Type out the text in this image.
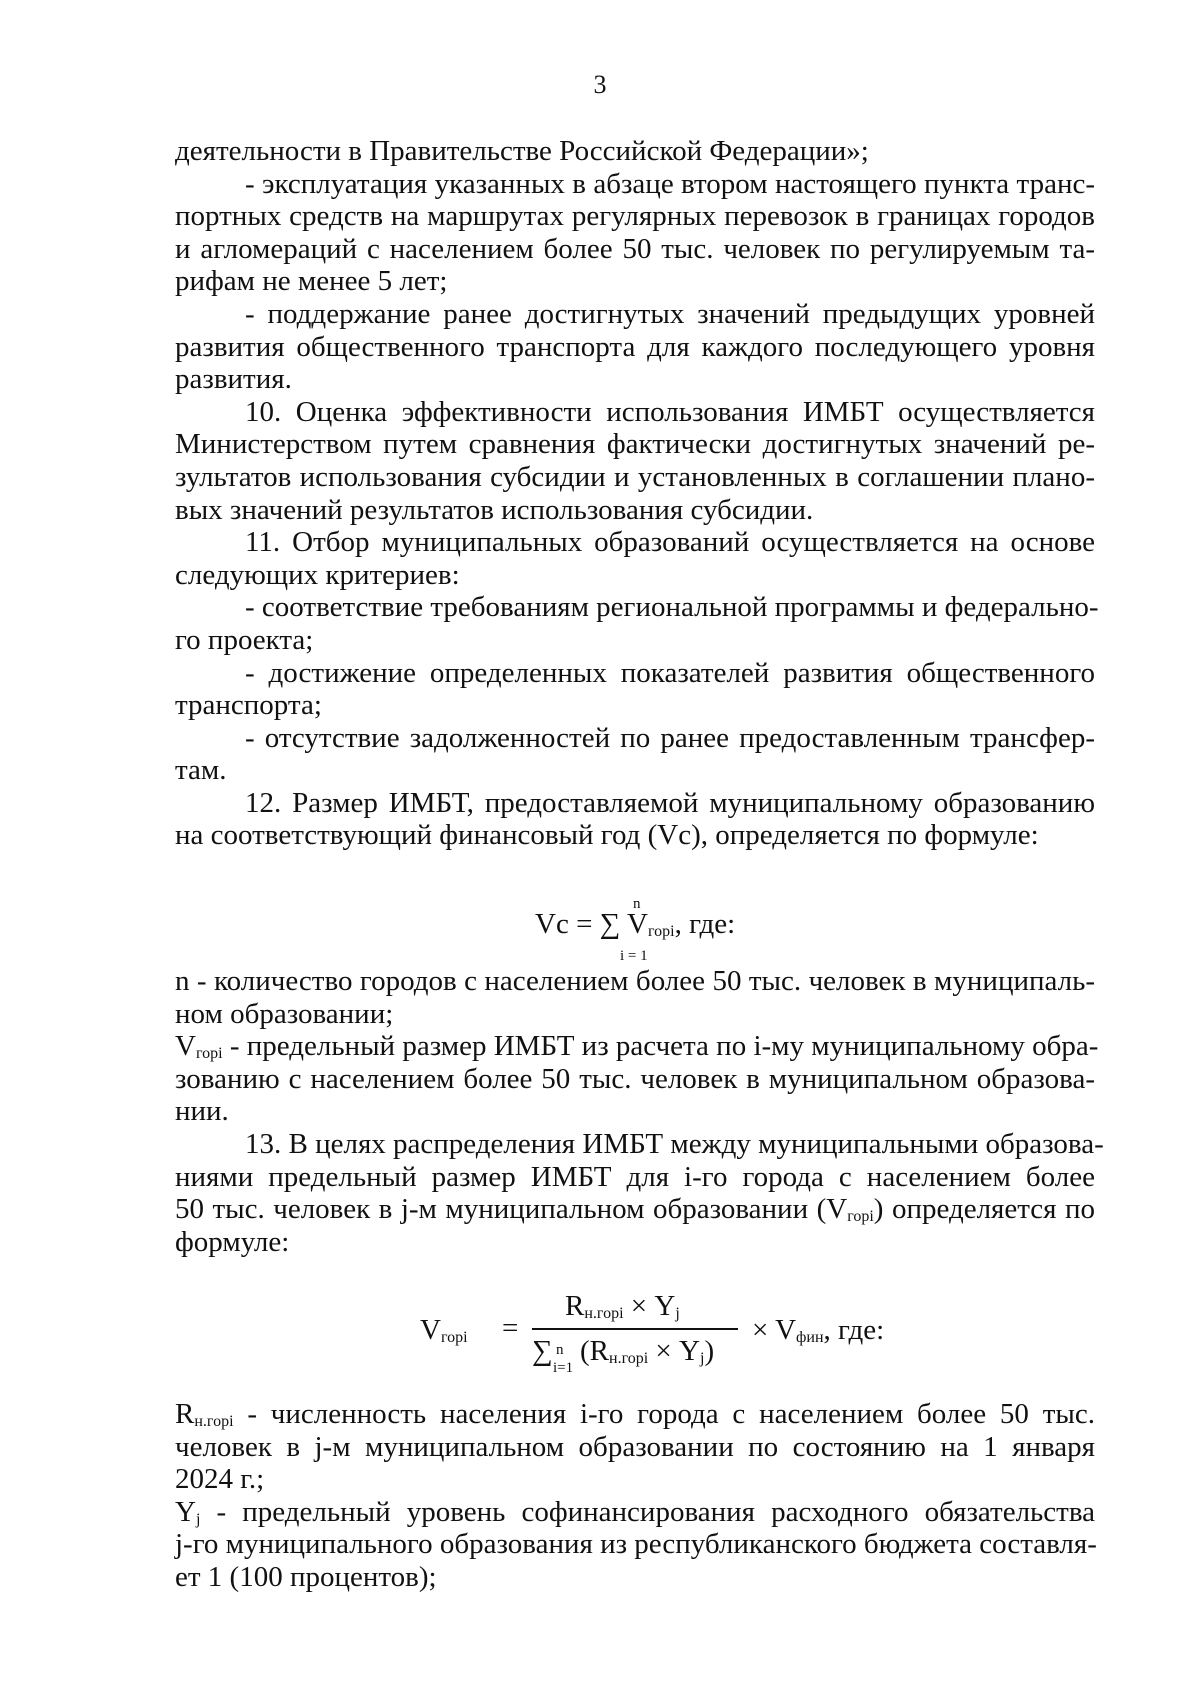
3
деятельности в Правительстве Российской Федерации»;
- эксплуатация указанных в абзаце втором настоящего пункта транс-
портных средств на маршрутах регулярных перевозок в границах городов
и агломераций с населением более 50 тыс. человек по регулируемым та-
рифам не менее 5 лет;
- поддержание ранее достигнутых значений предыдущих уровней
развития общественного транспорта для каждого последующего уровня
развития.
10. Оценка эффективности использования ИМБТ осуществляется
Министерством путем сравнения фактически достигнутых значений ре-
зультатов использования субсидии и установленных в соглашении плано-
вых значений результатов использования субсидии.
11. Отбор муниципальных образований осуществляется на основе
следующих критериев:
- соответствие требованиям региональной программы и федерально-
го проекта;
- достижение определенных показателей развития общественного
транспорта;
- отсутствие задолженностей по ранее предоставленным трансфер-
там.
12. Размер ИМБТ, предоставляемой муниципальному образованию
на соответствующий финансовый год (Vс), определяется по формуле:
Vс = ∑
n
i = 1
$V_{горі}$, где:
n - количество городов с населением более 50 тыс. человек в муниципаль-
ном образовании;
$V_{горі}$ - предельный размер ИМБТ из расчета по i-му муниципальному обра-
зованию с населением более 50 тыс. человек в муниципальном образова-
нии.
13. В целях распределения ИМБТ между муниципальными образова-
ниями предельный размер ИМБТ для i-го города с населением более
50 тыс. человек в j-м муниципальном образовании $(V_{горі})$ определяется по
формуле:
$V_{горі}$ =
$R_{н.горі} \times Y_j$
∑ n
i=1
$(R_{н.горі} \times Y_j)$
× $V_{фин}$, где:
$R_{н.горі}$ - численность населения i-го города с населением более 50 тыс.
человек в j-м муниципальном образовании по состоянию на 1 января
2024 г.;
$Y_j$ - предельный уровень софинансирования расходного обязательства
j-го муниципального образования из республиканского бюджета составля-
ет 1 (100 процентов);
